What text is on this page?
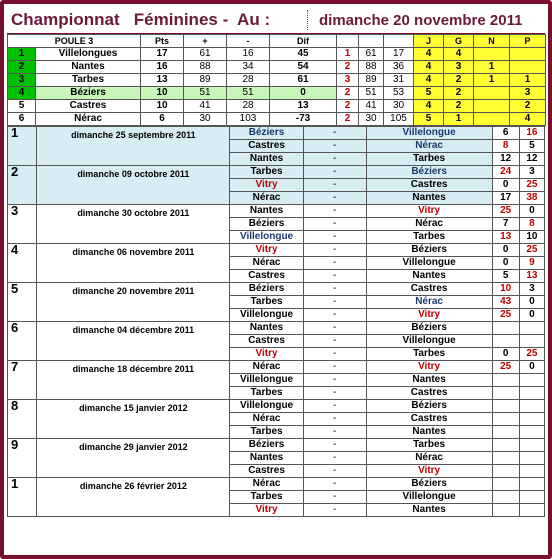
Championnat   Féminines -  Au :	dimanche 20 novembre 2011
POULE 3		Pts	+	-	Dif				J	G	N	P
1	Villelongues	17	61	16	45	1	61	17	4	4		
2	Nantes	16	88	34	54	2	88	36	4	3	1	
3	Tarbes	13	89	28	61	3	89	31	4	2	1	1
4	Béziers	10	51	51	0	2	51	53	5	2		3
5	Castres	10	41	28	13	2	41	30	4	2		2
6	Nérac	6	30	103	-73	2	30	105	5	1		4
1	dimanche 25 septembre 2011	Béziers	-	Villelongue	6	16
		Castres	-	Nérac	8	5
		Nantes	-	Tarbes	12	12
2	dimanche 09 octobre 2011	Tarbes	-	Béziers	24	3
		Vitry	-	Castres	0	25
		Nérac	-	Nantes	17	38
3	dimanche 30 octobre 2011	Nantes	-	Vitry	25	0
		Béziers	-	Nérac	7	8
		Villelongue	-	Tarbes	13	10
4	dimanche 06 novembre 2011	Vitry	-	Béziers	0	25
		Nérac	-	Villelongue	0	9
		Castres	-	Nantes	5	13
5	dimanche 20 novembre 2011	Béziers	-	Castres	10	3
		Tarbes	-	Nérac	43	0
		Villelongue	-	Vitry	25	0
6	dimanche 04 décembre 2011	Nantes	-	Béziers		
		Castres	-	Villelongue		
		Vitry	-	Tarbes	0	25
7	dimanche 18 décembre 2011	Nérac	-	Vitry	25	0
		Villelongue	-	Nantes		
		Tarbes	-	Castres		
8	dimanche 15 janvier 2012	Villelongue	-	Béziers		
		Nérac	-	Castres		
		Tarbes	-	Nantes		
9	dimanche 29 janvier 2012	Béziers	-	Tarbes		
		Nantes	-	Nérac		
		Castres	-	Vitry		
1	dimanche 26 février 2012	Nérac	-	Béziers		
		Tarbes	-	Villelongue		
		Vitry	-	Nantes		
